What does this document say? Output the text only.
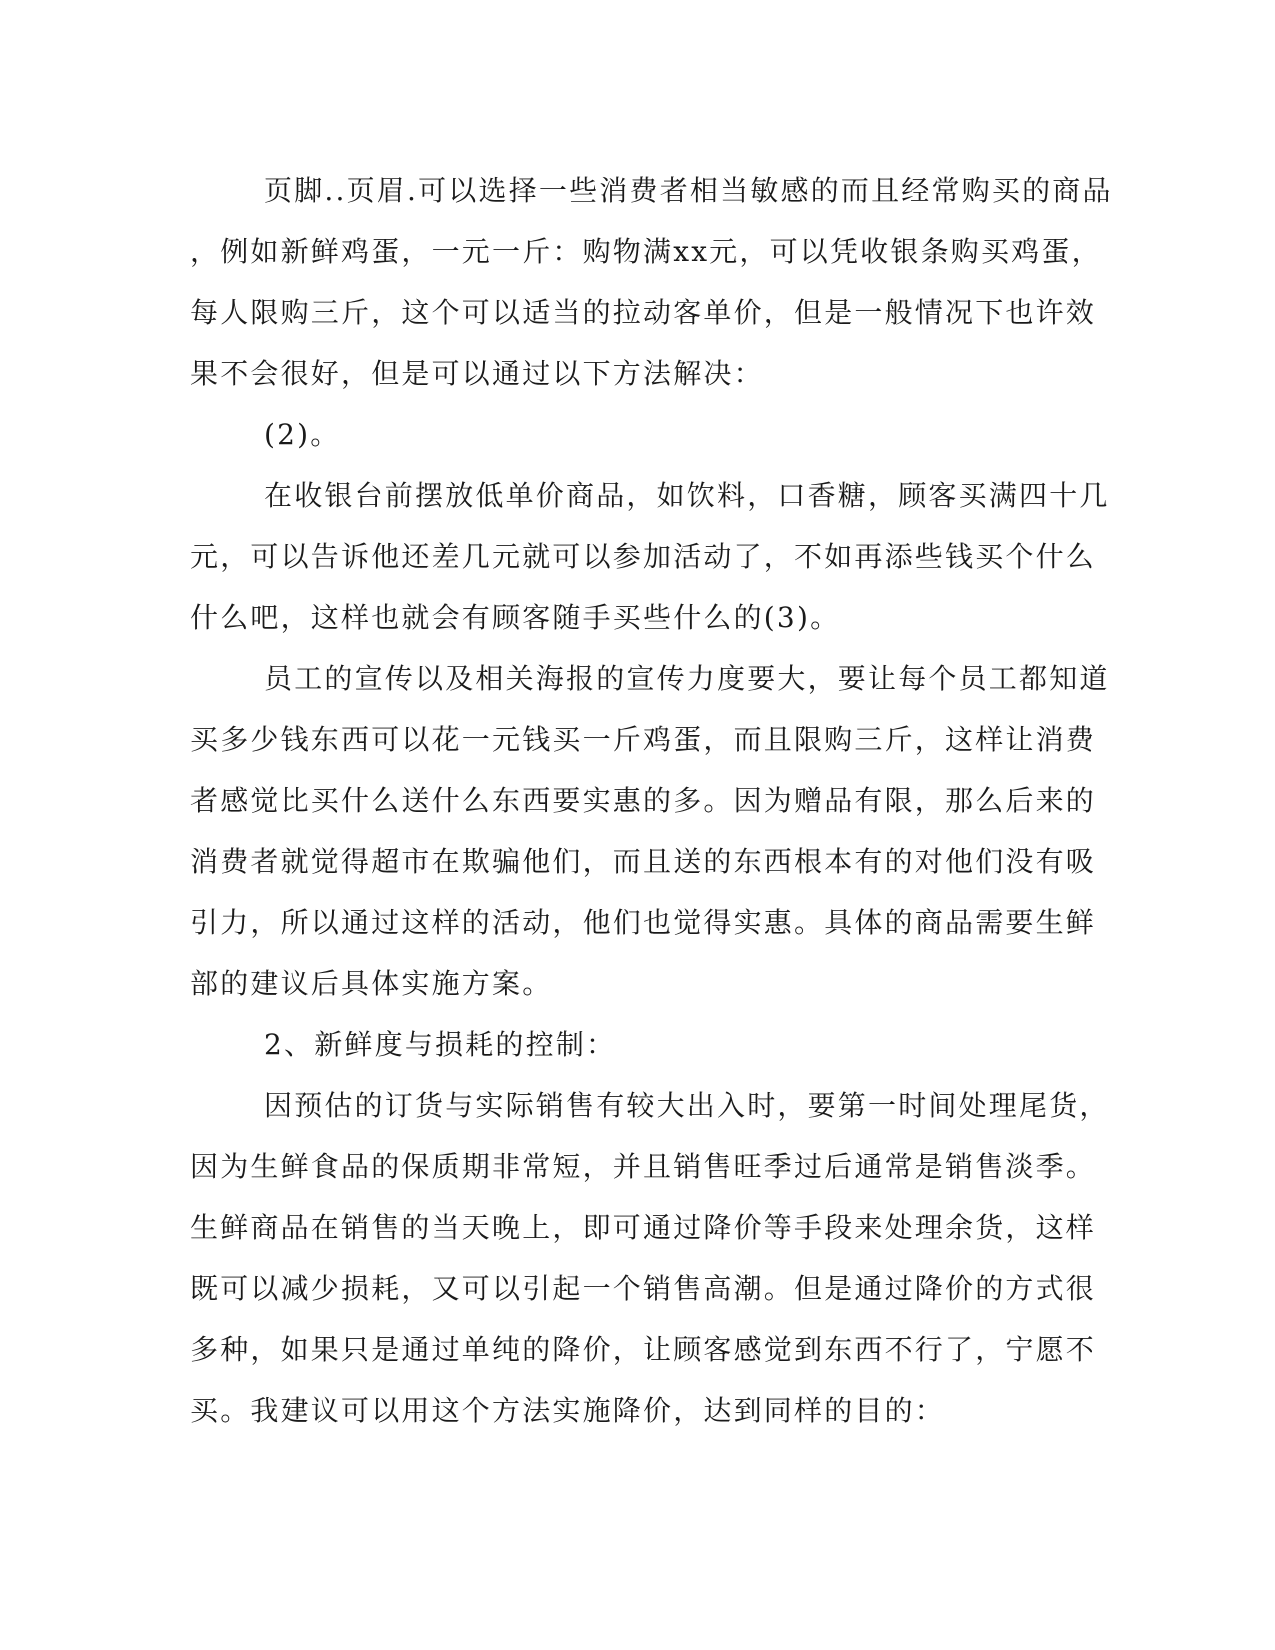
页脚..页眉.可以选择一些消费者相当敏感的而且经常购买的商品
，例如新鲜鸡蛋，一元一斤：购物满xx元，可以凭收银条购买鸡蛋，
每人限购三斤，这个可以适当的拉动客单价，但是一般情况下也许效
果不会很好，但是可以通过以下方法解决：
(2)。
在收银台前摆放低单价商品，如饮料，口香糖，顾客买满四十几
元，可以告诉他还差几元就可以参加活动了，不如再添些钱买个什么
什么吧，这样也就会有顾客随手买些什么的(3)。
员工的宣传以及相关海报的宣传力度要大，要让每个员工都知道
买多少钱东西可以花一元钱买一斤鸡蛋，而且限购三斤，这样让消费
者感觉比买什么送什么东西要实惠的多。因为赠品有限，那么后来的
消费者就觉得超市在欺骗他们，而且送的东西根本有的对他们没有吸
引力，所以通过这样的活动，他们也觉得实惠。具体的商品需要生鲜
部的建议后具体实施方案。
2、新鲜度与损耗的控制：
因预估的订货与实际销售有较大出入时，要第一时间处理尾货，
因为生鲜食品的保质期非常短，并且销售旺季过后通常是销售淡季。
生鲜商品在销售的当天晚上，即可通过降价等手段来处理余货，这样
既可以减少损耗，又可以引起一个销售高潮。但是通过降价的方式很
多种，如果只是通过单纯的降价，让顾客感觉到东西不行了，宁愿不
买。我建议可以用这个方法实施降价，达到同样的目的：
